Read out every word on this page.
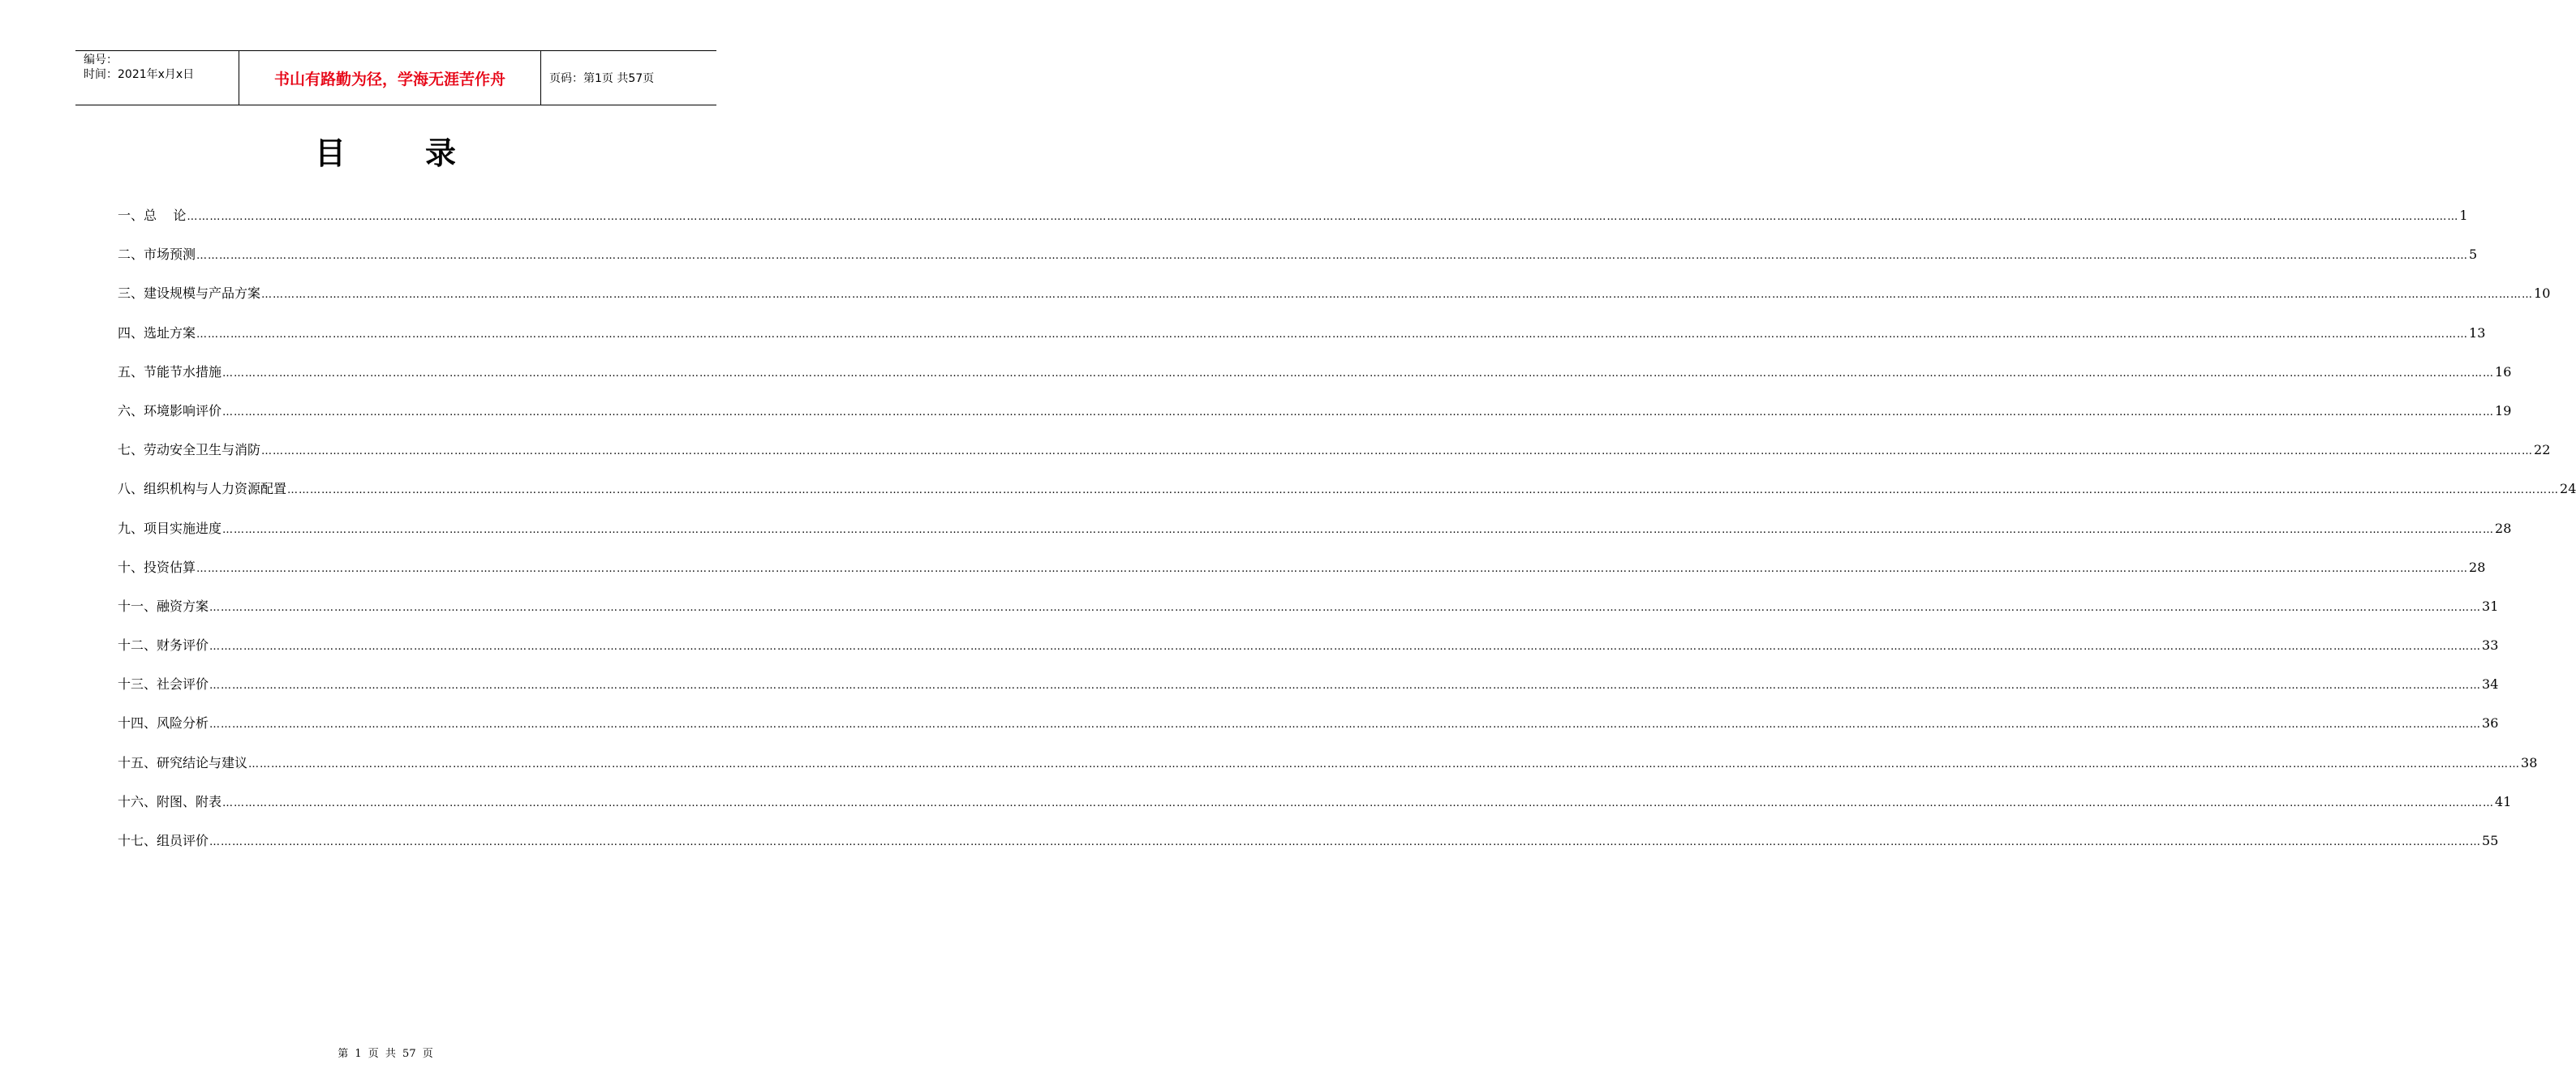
编号：
时间：2021年x月x日	书山有路勤为径，学海无涯苦作舟	页码：第1页 共57页
目	录
一、总    论 …………………………………………………………………………………………………………………………………………………………………………………………………………………………………………………………………………………………………………………………………………………………………………………………………………………………………………………………………………………………………………………………………………………… 1
二、市场预测 …………………………………………………………………………………………………………………………………………………………………………………………………………………………………………………………………………………………………………………………………………………………………………………………………………………………………………………………………………………………………………………………………………………… 5
三、建设规模与产品方案 …………………………………………………………………………………………………………………………………………………………………………………………………………………………………………………………………………………………………………………………………………………………………………………………………………………………………………………………………………………………………………………………………………………… 10
四、选址方案 …………………………………………………………………………………………………………………………………………………………………………………………………………………………………………………………………………………………………………………………………………………………………………………………………………………………………………………………………………………………………………………………………………………… 13
五、节能节水措施 …………………………………………………………………………………………………………………………………………………………………………………………………………………………………………………………………………………………………………………………………………………………………………………………………………………………………………………………………………………………………………………………………………………… 16
六、环境影响评价 …………………………………………………………………………………………………………………………………………………………………………………………………………………………………………………………………………………………………………………………………………………………………………………………………………………………………………………………………………………………………………………………………………………… 19
七、劳动安全卫生与消防 …………………………………………………………………………………………………………………………………………………………………………………………………………………………………………………………………………………………………………………………………………………………………………………………………………………………………………………………………………………………………………………………………………………… 22
八、组织机构与人力资源配置 …………………………………………………………………………………………………………………………………………………………………………………………………………………………………………………………………………………………………………………………………………………………………………………………………………………………………………………………………………………………………………………………………………………… 24
九、项目实施进度 …………………………………………………………………………………………………………………………………………………………………………………………………………………………………………………………………………………………………………………………………………………………………………………………………………………………………………………………………………………………………………………………………………………… 28
十、投资估算 …………………………………………………………………………………………………………………………………………………………………………………………………………………………………………………………………………………………………………………………………………………………………………………………………………………………………………………………………………………………………………………………………………………… 28
十一、融资方案 …………………………………………………………………………………………………………………………………………………………………………………………………………………………………………………………………………………………………………………………………………………………………………………………………………………………………………………………………………………………………………………………………………………… 31
十二、财务评价 …………………………………………………………………………………………………………………………………………………………………………………………………………………………………………………………………………………………………………………………………………………………………………………………………………………………………………………………………………………………………………………………………………………… 33
十三、社会评价 …………………………………………………………………………………………………………………………………………………………………………………………………………………………………………………………………………………………………………………………………………………………………………………………………………………………………………………………………………………………………………………………………………………… 34
十四、风险分析 …………………………………………………………………………………………………………………………………………………………………………………………………………………………………………………………………………………………………………………………………………………………………………………………………………………………………………………………………………………………………………………………………………………… 36
十五、研究结论与建议 …………………………………………………………………………………………………………………………………………………………………………………………………………………………………………………………………………………………………………………………………………………………………………………………………………………………………………………………………………………………………………………………………………………… 38
十六、附图、附表 …………………………………………………………………………………………………………………………………………………………………………………………………………………………………………………………………………………………………………………………………………………………………………………………………………………………………………………………………………………………………………………………………………………… 41
十七、组员评价 …………………………………………………………………………………………………………………………………………………………………………………………………………………………………………………………………………………………………………………………………………………………………………………………………………………………………………………………………………………………………………………………………………………… 55
第 1 页 共 57 页
